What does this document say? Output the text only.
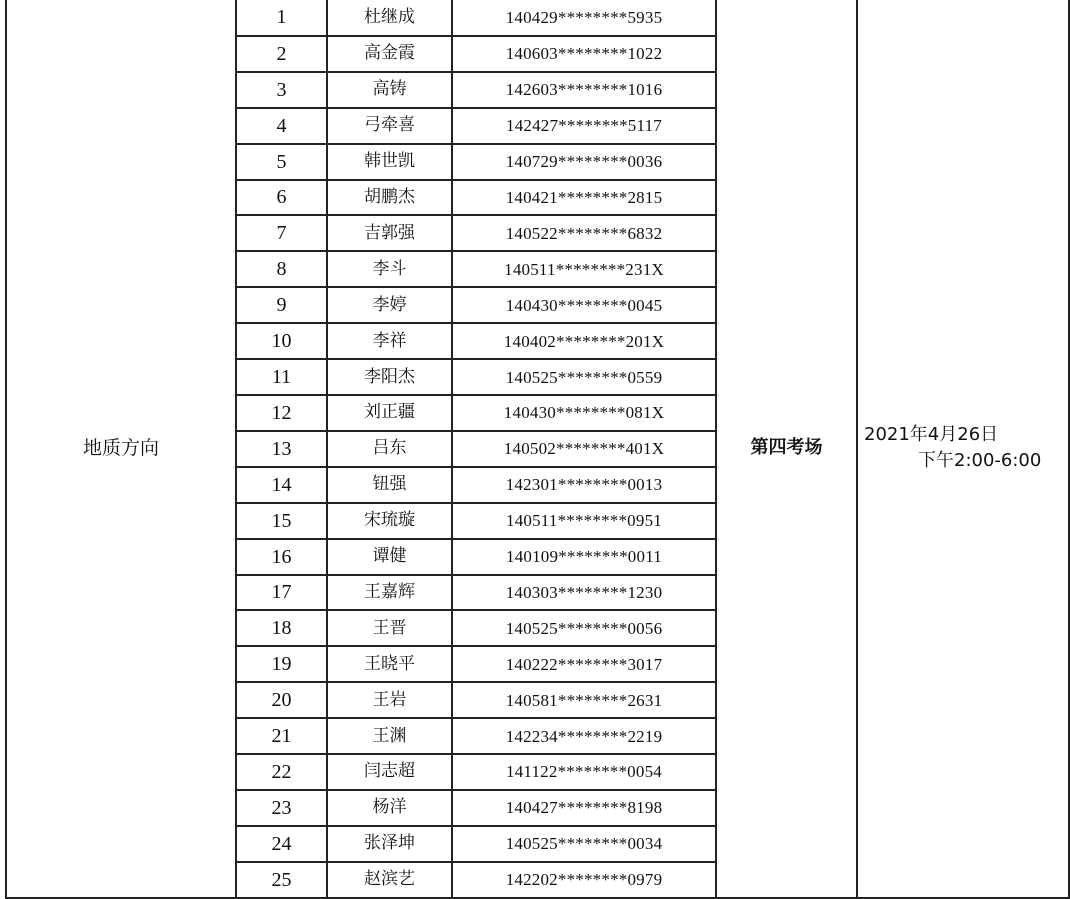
地质方向	1	杜继成	140429********5935	第四考场	2021年4月26日
下午2:00-6:00

	2	高金霞	140603********1022		
	3	高铸	142603********1016		
	4	弓牵喜	142427********5117		
	5	韩世凯	140729********0036		
	6	胡鹏杰	140421********2815		
	7	吉郭强	140522********6832		
	8	李斗	140511********231X		
	9	李婷	140430********0045		
	10	李祥	140402********201X		
	11	李阳杰	140525********0559		
	12	刘正疆	140430********081X		
	13	吕东	140502********401X		
	14	钮强	142301********0013		
	15	宋琉璇	140511********0951		
	16	谭健	140109********0011		
	17	王嘉辉	140303********1230		
	18	王晋	140525********0056		
	19	王晓平	140222********3017		
	20	王岩	140581********2631		
	21	王渊	142234********2219		
	22	闫志超	141122********0054		
	23	杨洋	140427********8198		
	24	张泽坤	140525********0034		
	25	赵滨艺	142202********0979		
